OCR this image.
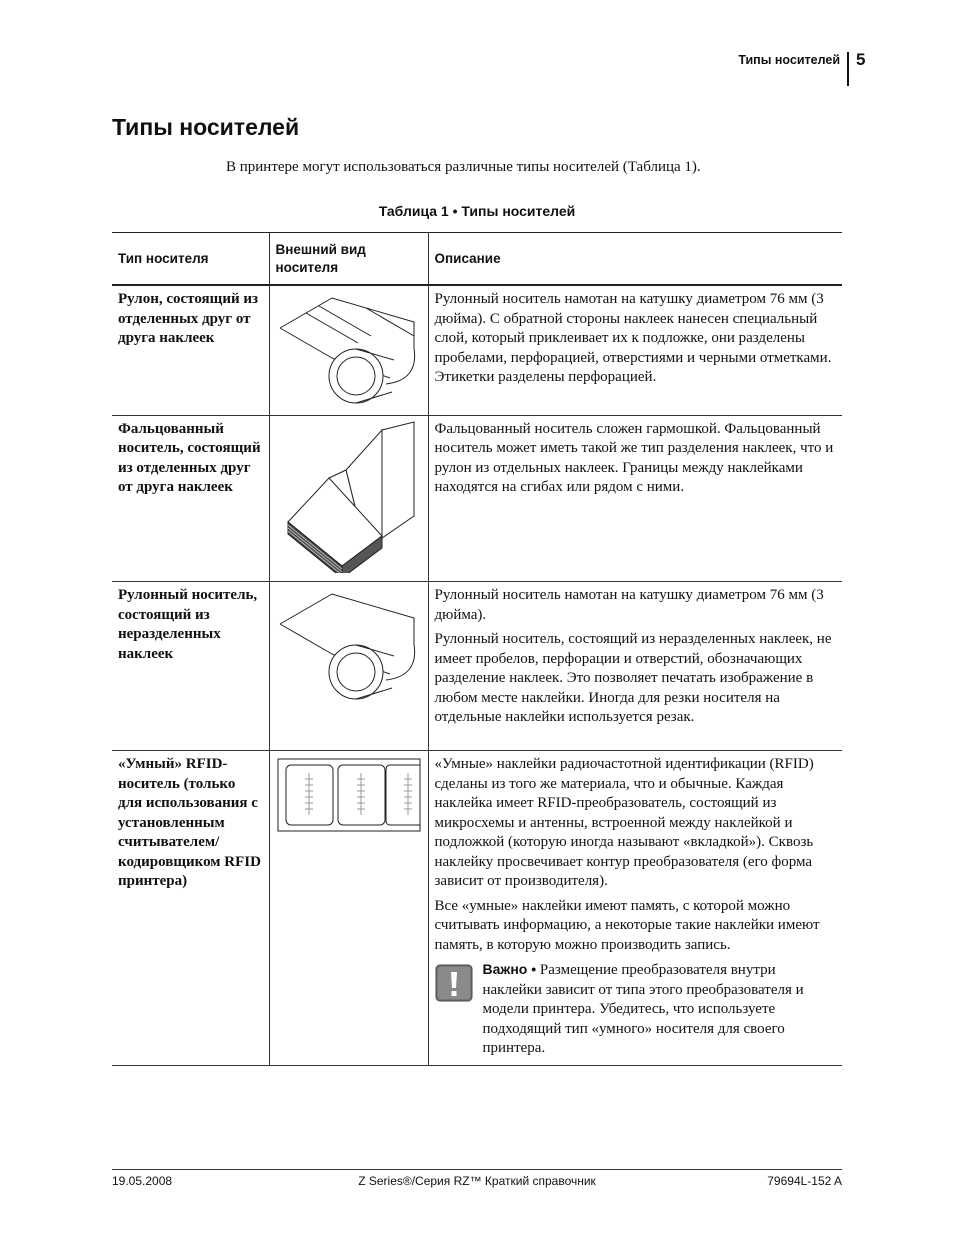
Типы носителей 5
Типы носителей
В принтере могут использоваться различные типы носителей (Таблица 1).
Таблица 1 • Типы носителей
Тип носителя	Внешний вид носителя	Описание
Рулон, состоящий из отделенных друг от друга наклеек		Рулонный носитель намотан на катушку диаметром 76 мм (3 дюйма). С обратной стороны наклеек нанесен специальный слой, который приклеивает их к подложке, они разделены пробелами, перфорацией, отверстиями и черными отметками. Этикетки разделены перфорацией.

Фальцованный носитель, состоящий из отделенных друг от друга наклеек		Фальцованный носитель сложен гармошкой. Фальцованный носитель может иметь такой же тип разделения наклеек, что и рулон из отдельных наклеек. Границы между наклейками находятся на сгибах или рядом с ними.

Рулонный носитель, состоящий из неразделенных наклеек		Рулонный носитель намотан на катушку диаметром 76 мм (3 дюйма).

Рулонный носитель, состоящий из неразделенных наклеек, не имеет пробелов, перфорации и отверстий, обозначающих разделение наклеек. Это позволяет печатать изображение в любом месте наклейки. Иногда для резки носителя на отдельные наклейки используется резак.

«Умный» RFID-носитель (только для использования с установленным считывателем/ кодировщиком RFID принтера)		«Умные» наклейки радиочастотной идентификации (RFID) сделаны из того же материала, что и обычные. Каждая наклейка имеет RFID-преобразователь, состоящий из микросхемы и антенны, встроенной между наклейкой и подложкой (которую иногда называют «вкладкой»). Сквозь наклейку просвечивает контур преобразователя (его форма зависит от производителя).

Все «умные» наклейки имеют память, с которой можно считывать информацию, а некоторые такие наклейки имеют память, в которую можно производить запись.

Важно • Размещение преобразователя внутри наклейки зависит от типа этого преобразователя и модели принтера. Убедитесь, что используете подходящий тип «умного» носителя для своего принтера.
19.05.2008	Z Series®/Серия RZ™ Краткий справочник	79694L-152 A
